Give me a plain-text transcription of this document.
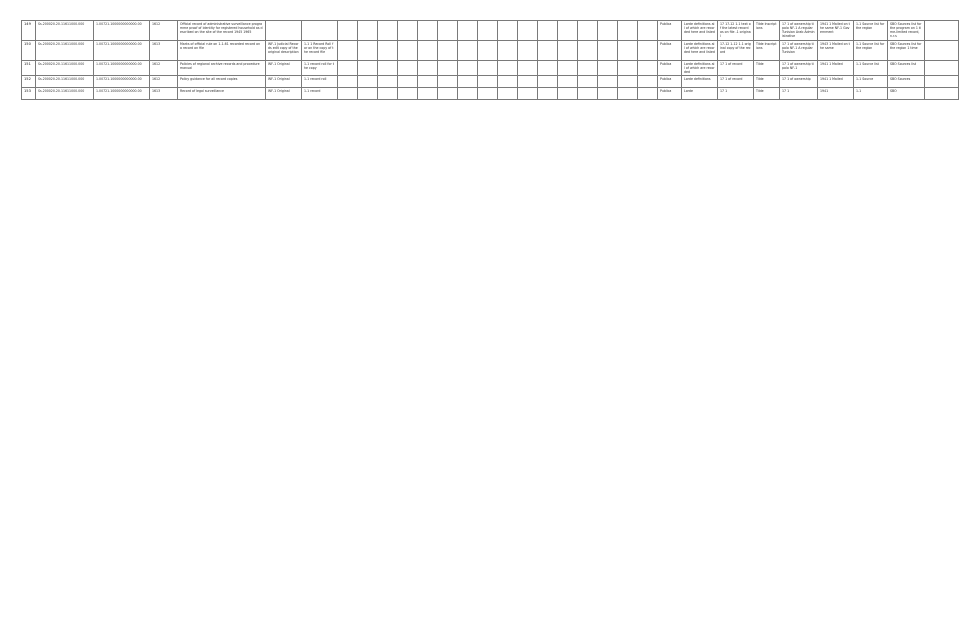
149	Ss.200020.20.11611000.000	1.00721.1000000000000.00	1612	Official record of administrative surveillance programme proof of identity for registered household as described on the site of the record 1945 1965																			Publica	Lorde definitions all of which are recorded here and listed	17 17-12 1.1 text of the latest record as on file -1 original	Tilde Inscriptions	17 1 of ownership tipolo NF-1 A regular Tunisian Arab Administrative	1941 1 Mailed on the same NF-1 Government	1-1 Source list for the region	SBO Sources list for the program on 1 time-limited record, n.r.s	
150	Ss.200020.20.11611000.000	1.00721.1000000000000.00	1613	Marks of official rule on 1-1-61 recorded record on a record on file	WF-1 Judicial Records edit copy of the original description	1-1 1 Record Roll for on the copy of the record file																	Publica	Lorde definitions all of which are recorded here and listed	17-12 1-12 1.1 original copy of the record	Tilde Inscriptions	17 1 of ownership tipolo NF-1 A regular Tunisian	1943 1 Mailed on the same	1-1 Source list for the region	SBO Sources list for the region 1 time	
151	Ss.200020.20.11611000.000	1.00721.1000000000000.00	1612	Policies of regional archive records and procedure manual	WF-1 Original	1-1 record roll for the copy																	Publica	Lorde definitions all of which are recorded	17 1 of record	Tilde	17 1 of ownership tipolo NF-1	1941 1 Mailed	1-1 Source list	SBO Sources list	
152	Ss.200020.20.11611000.000	1.00721.1000000000000.00	1612	Policy guidance for all record copies	WF-1 Original	1-1 record roll																	Publica	Lorde definitions	17 1 of record	Tilde	17 1 of ownership	1941 1 Mailed	1-1 Source	SBO Sources	
153	Ss.200020.20.11611000.000	1.00721.1000000000000.00	1613	Record of legal surveillance	WF-1 Original	1-1 record																	Publica	Lorde	17 1	Tilde	17 1	1941	1-1	SBO	
